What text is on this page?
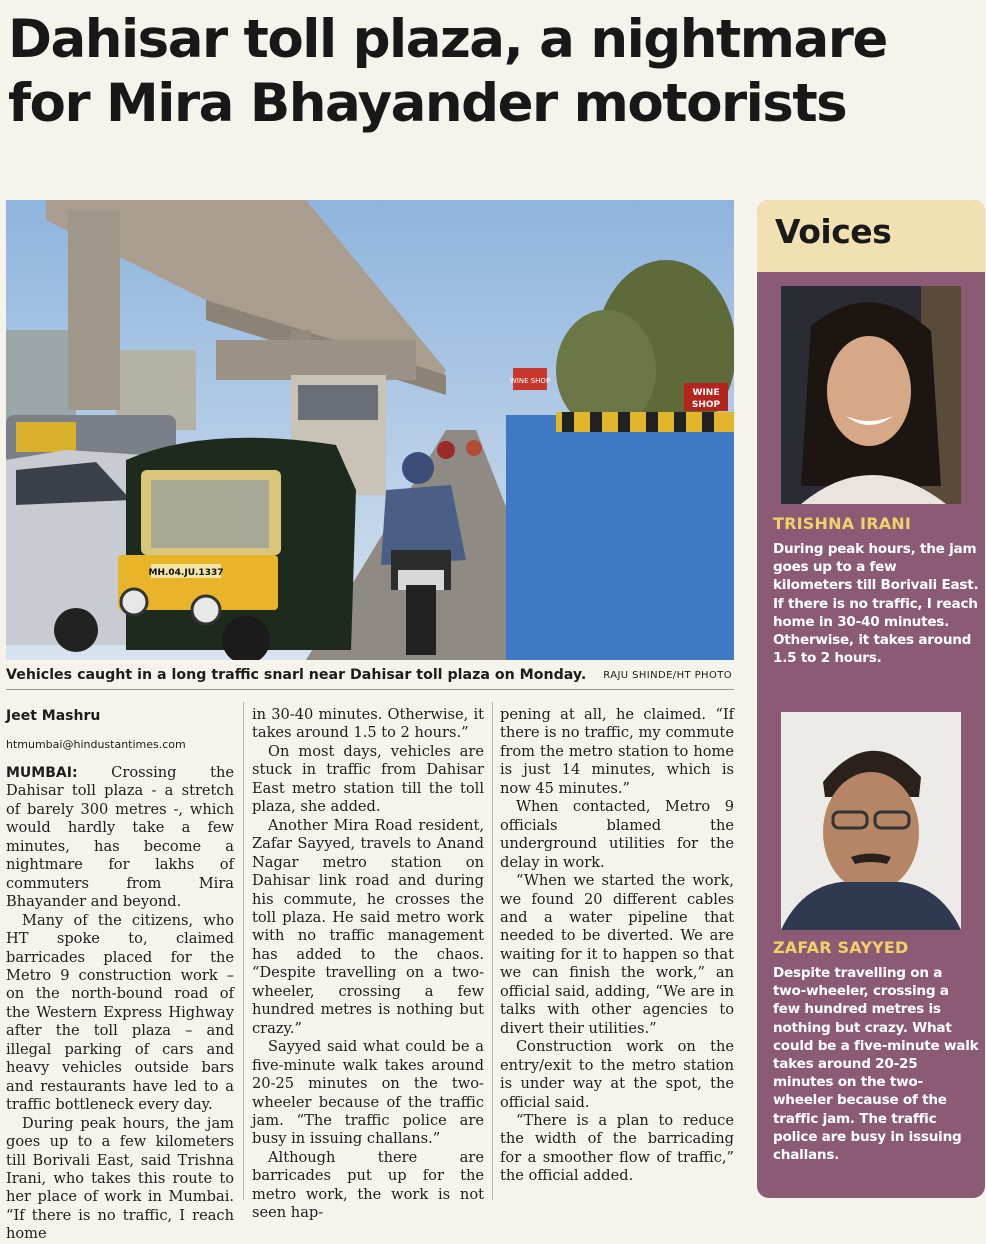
Dahisar toll plaza, a nightmare
for Mira Bhayander motorists
WINE SHOP
WINE
SHOP
MH.04.JU.1337
Vehicles caught in a long traffic snarl near Dahisar toll plaza on Monday. RAJU SHINDE/HT PHOTO
Jeet Mashru
htmumbai@hindustantimes.com

MUMBAI: Crossing the Dahisar toll plaza - a stretch of barely 300 metres -, which would hardly take a few minutes, has become a nightmare for lakhs of commuters from Mira Bhayander and beyond.

Many of the citizens, who HT spoke to, claimed barricades placed for the Metro 9 construction work – on the north-bound road of the Western Express Highway after the toll plaza – and illegal parking of cars and heavy vehicles outside bars and restaurants have led to a traffic bottleneck every day.

During peak hours, the jam goes up to a few kilometers till Borivali East, said Trishna Irani, who takes this route to her place of work in Mumbai. “If there is no traffic, I reach home

in 30-40 minutes. Otherwise, it takes around 1.5 to 2 hours.”

On most days, vehicles are stuck in traffic from Dahisar East metro station till the toll plaza, she added.

Another Mira Road resident, Zafar Sayyed, travels to Anand Nagar metro station on Dahisar link road and during his commute, he crosses the toll plaza. He said metro work with no traffic management has added to the chaos. “Despite travelling on a two-wheeler, crossing a few hundred metres is nothing but crazy.”

Sayyed said what could be a five-minute walk takes around 20-25 minutes on the two-wheeler because of the traffic jam. “The traffic police are busy in issuing challans.”

Although there are barricades put up for the metro work, the work is not seen hap-

pening at all, he claimed. “If there is no traffic, my commute from the metro station to home is just 14 minutes, which is now 45 minutes.”

When contacted, Metro 9 officials blamed the underground utilities for the delay in work.

“When we started the work, we found 20 different cables and a water pipeline that needed to be diverted. We are waiting for it to happen so that we can finish the work,” an official said, adding, “We are in talks with other agencies to divert their utilities.”

Construction work on the entry/exit to the metro station is under way at the spot, the official said.

“There is a plan to reduce the width of the barricading for a smoother flow of traffic,” the official added.

Voices
TRISHNA IRANI

During peak hours, the jam goes up to a few kilometers till Borivali East. If there is no traffic, I reach home in 30-40 minutes. Otherwise, it takes around 1.5 to 2 hours.

ZAFAR SAYYED

Despite travelling on a two-wheeler, crossing a few hundred metres is nothing but crazy. What could be a five-minute walk takes around 20-25 minutes on the two-wheeler because of the traffic jam. The traffic police are busy in issuing challans.
